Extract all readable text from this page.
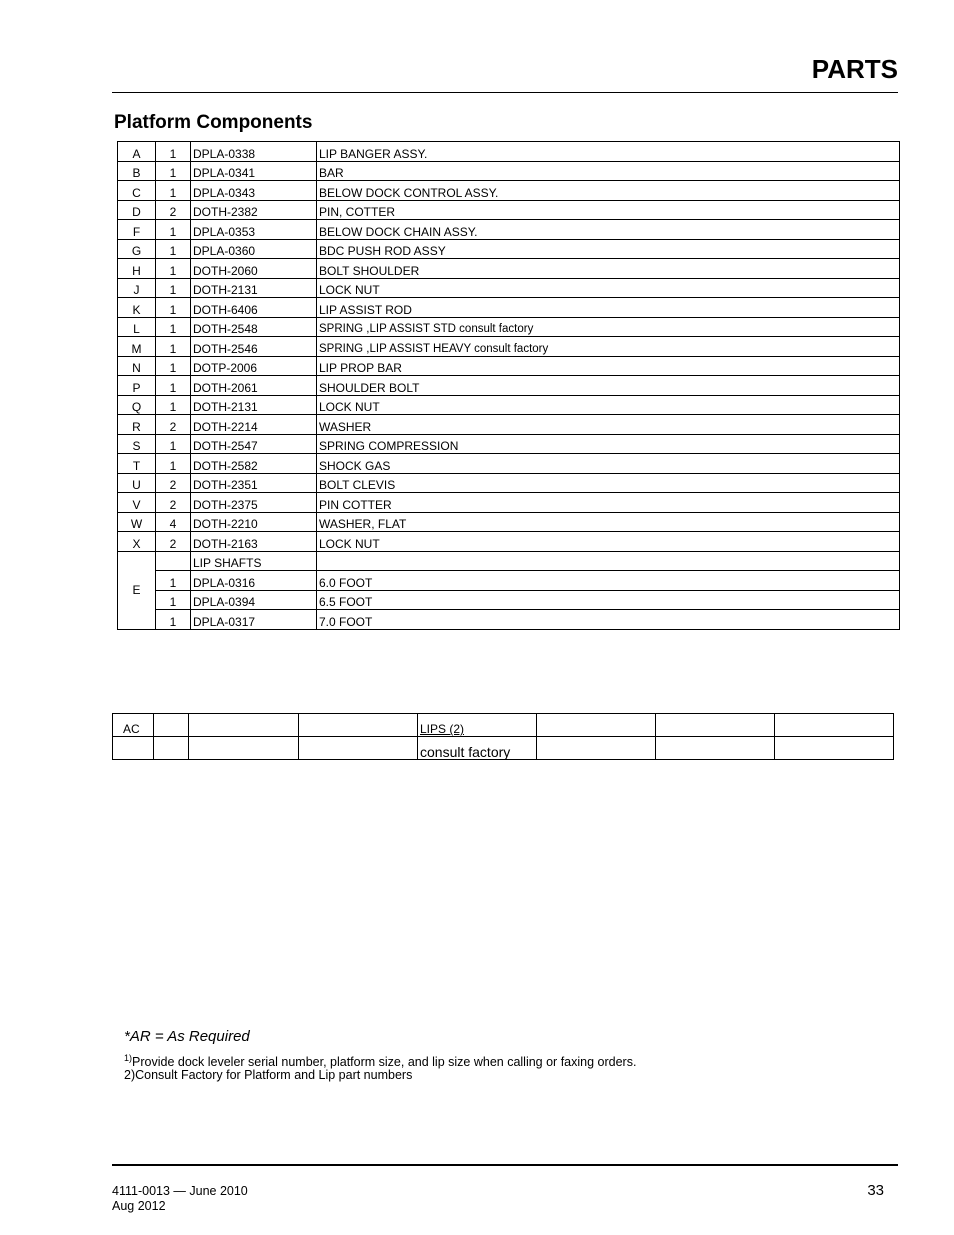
PARTS
Platform Components
A	1	DPLA-0338	LIP BANGER ASSY.
B	1	DPLA-0341	BAR
C	1	DPLA-0343	BELOW DOCK CONTROL ASSY.
D	2	DOTH-2382	PIN, COTTER
F	1	DPLA-0353	BELOW DOCK CHAIN ASSY.
G	1	DPLA-0360	BDC PUSH ROD ASSY
H	1	DOTH-2060	BOLT SHOULDER
J	1	DOTH-2131	LOCK NUT
K	1	DOTH-6406	LIP ASSIST ROD
L	1	DOTH-2548	SPRING ,LIP ASSIST STD consult factory
M	1	DOTH-2546	SPRING ,LIP ASSIST HEAVY consult factory
N	1	DOTP-2006	LIP PROP BAR
P	1	DOTH-2061	SHOULDER BOLT
Q	1	DOTH-2131	LOCK NUT
R	2	DOTH-2214	WASHER
S	1	DOTH-2547	SPRING COMPRESSION
T	1	DOTH-2582	SHOCK GAS
U	2	DOTH-2351	BOLT CLEVIS
V	2	DOTH-2375	PIN COTTER
W	4	DOTH-2210	WASHER, FLAT
X	2	DOTH-2163	LOCK NUT
E		LIP SHAFTS	
	1	DPLA-0316	6.0 FOOT
	1	DPLA-0394	6.5 FOOT
	1	DPLA-0317	7.0 FOOT
AC				LIPS (2)			
				consult factory			
*AR = As Required
$^{1)}$Provide dock leveler serial number, platform size, and lip size when calling or faxing orders.
2)Consult Factory for Platform and Lip part numbers
4111-0013 — June 2010
Aug 2012
33
